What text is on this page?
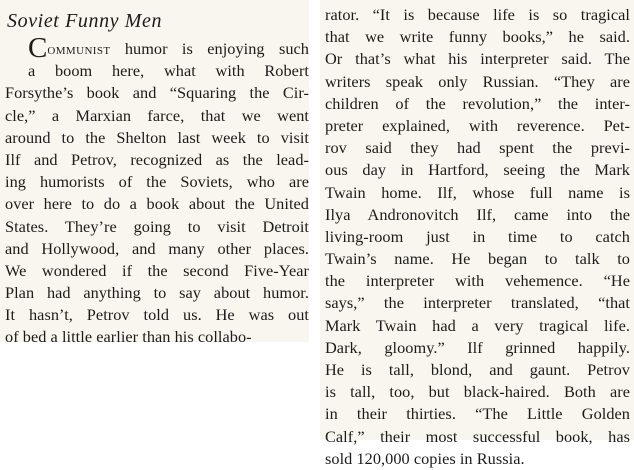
Soviet Funny Men
Communist humor is enjoying such
a boom here, what with Robert
Forsythe’s book and “Squaring the Cir-
cle,” a Marxian farce, that we went
around to the Shelton last week to visit
Ilf and Petrov, recognized as the lead-
ing humorists of the Soviets, who are
over here to do a book about the United
States. They’re going to visit Detroit
and Hollywood, and many other places.
We wondered if the second Five-Year
Plan had anything to say about humor.
It hasn’t, Petrov told us. He was out
of bed a little earlier than his collabo-
rator. “It is because life is so tragical
that we write funny books,” he said.
Or that’s what his interpreter said. The
writers speak only Russian. “They are
children of the revolution,” the inter-
preter explained, with reverence. Pet-
rov said they had spent the previ-
ous day in Hartford, seeing the Mark
Twain home. Ilf, whose full name is
Ilya Andronovitch Ilf, came into the
living-room just in time to catch
Twain’s name. He began to talk to
the interpreter with vehemence. “He
says,” the interpreter translated, “that
Mark Twain had a very tragical life.
Dark, gloomy.” Ilf grinned happily.
He is tall, blond, and gaunt. Petrov
is tall, too, but black-haired. Both are
in their thirties. “The Little Golden
Calf,” their most successful book, has
sold 120,000 copies in Russia.
